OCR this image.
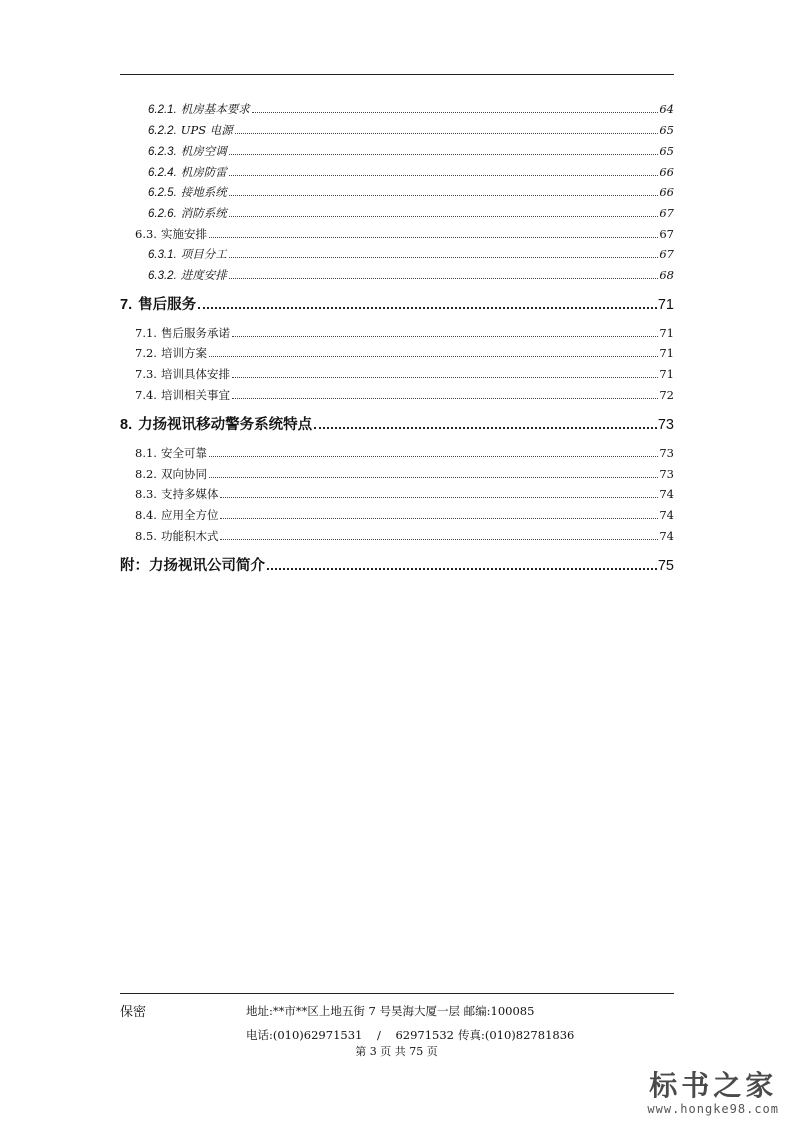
6.2.1. 机房基本要求	64
6.2.2. UPS 电源	65
6.2.3. 机房空调	65
6.2.4. 机房防雷	66
6.2.5. 接地系统	66
6.2.6. 消防系统	67
6.3. 实施安排	67
6.3.1. 项目分工	67
6.3.2. 进度安排	68
7. 售后服务	71
7.1. 售后服务承诺	71
7.2. 培训方案	71
7.3. 培训具体安排	71
7.4. 培训相关事宜	72
8. 力扬视讯移动警务系统特点	73
8.1. 安全可靠	73
8.2. 双向协同	73
8.3. 支持多媒体	74
8.4. 应用全方位	74
8.5. 功能积木式	74
附：力扬视讯公司简介	75
保密	地址:**市**区上地五街 7 号昊海大厦一层 邮编:100085
电话:(010)62971531    /    62971532 传真:(010)82781836
第 3 页 共 75 页
标书之家
www.hongke98.com
